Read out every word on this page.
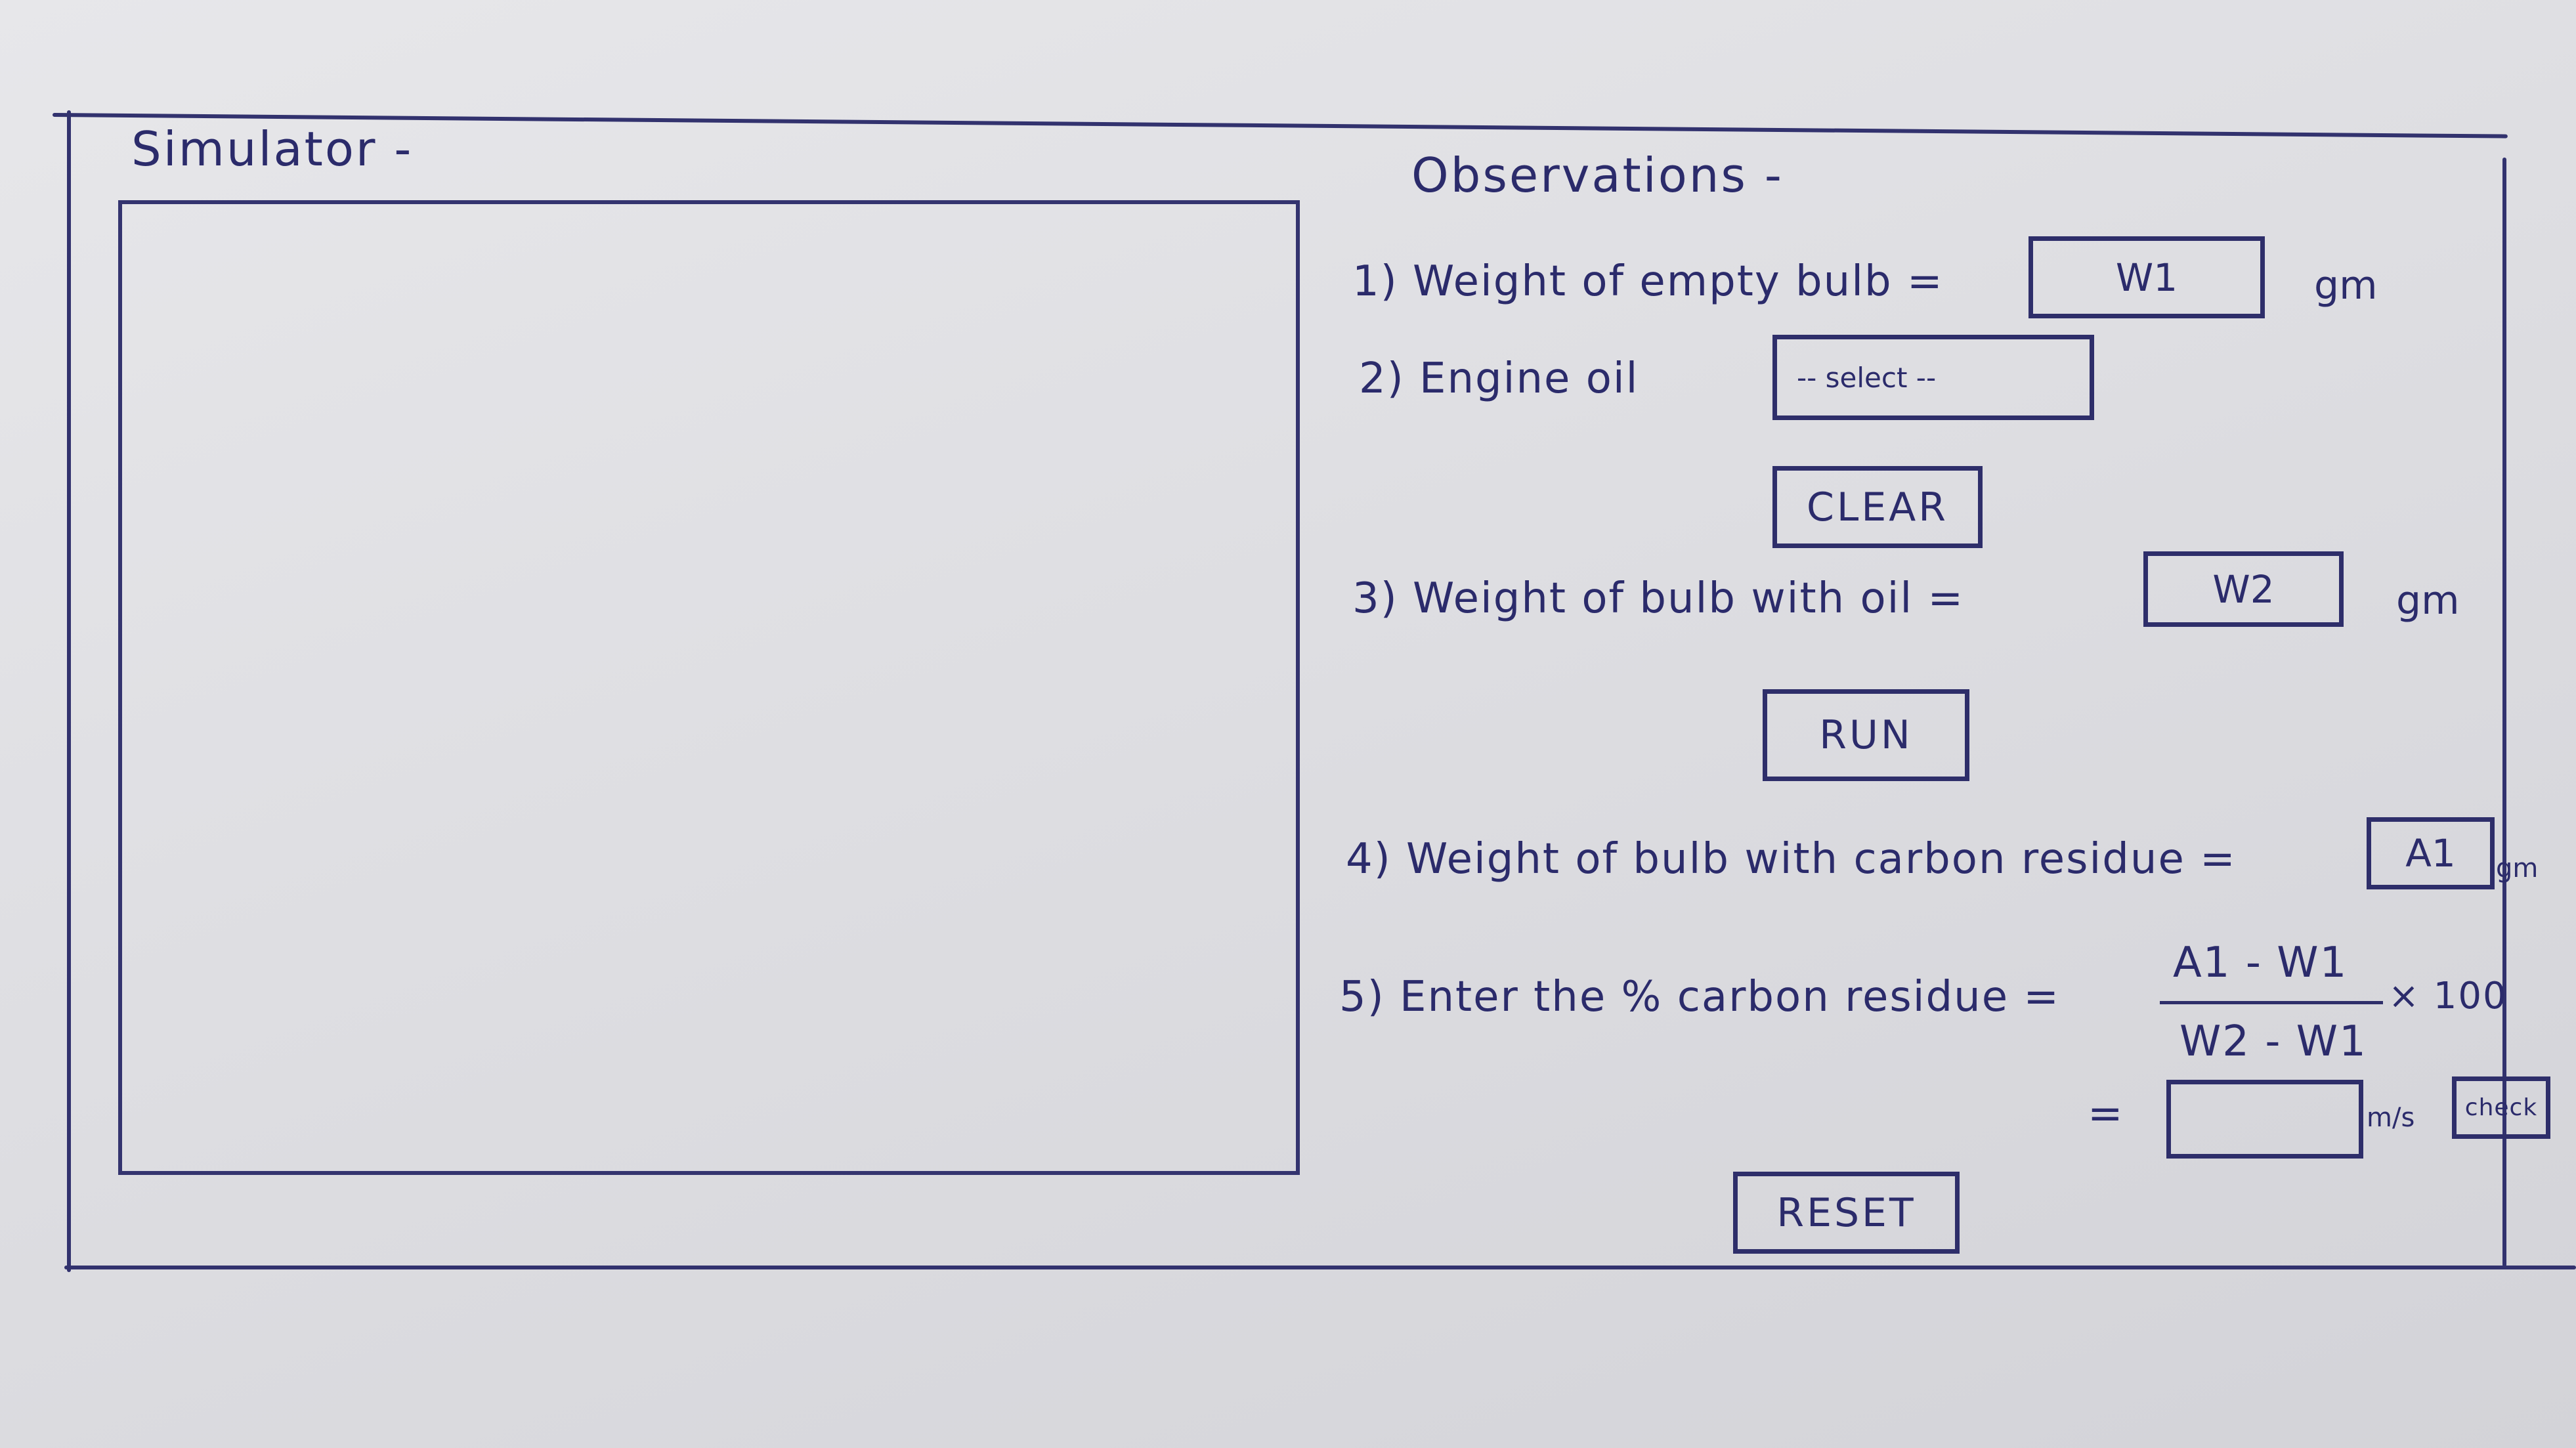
Simulator -	Observations -
1) Weight of empty bulb =	W1	gm
2) Engine oil	-- select --
CLEAR
3) Weight of bulb with oil =	W2	gm
RUN
4) Weight of bulb with carbon residue =	A1 gm
5) Enter the % carbon residue =
A1 - W1
W2 - W1
× 100
=	m/s check
RESET
